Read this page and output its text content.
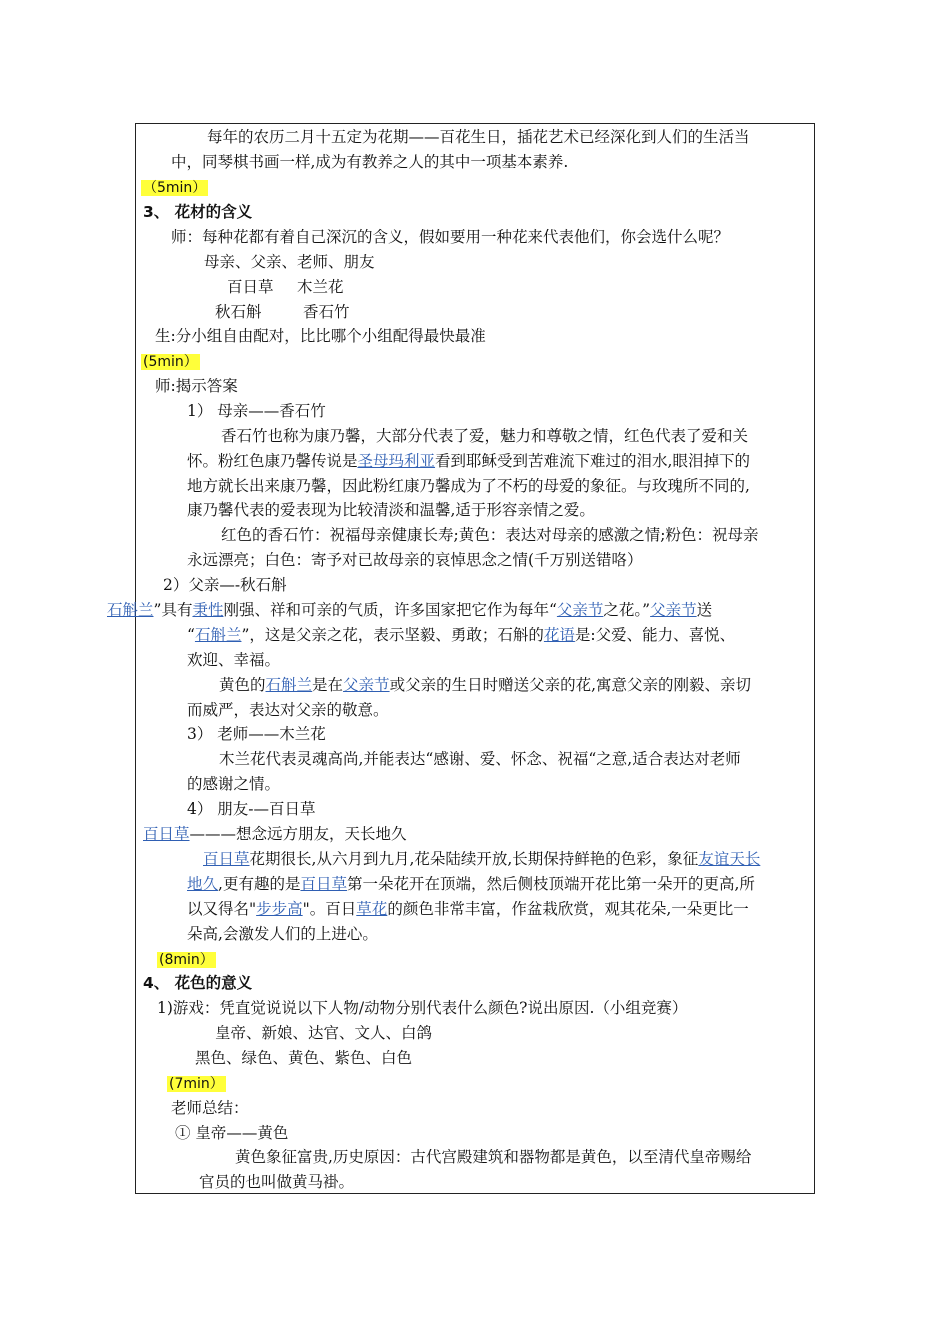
每年的农历二月十五定为花期——百花生日，插花艺术已经深化到人们的生活当
中，同琴棋书画一样,成为有教养之人的其中一项基本素养.
（5min）
3、 花材的含义
师：每种花都有着自己深沉的含义，假如要用一种花来代表他们，你会选什么呢？
母亲、父亲、老师、朋友
百日草 木兰花
秋石斛	香石竹
生:分小组自由配对，比比哪个小组配得最快最准
(5min）
师:揭示答案
1） 母亲——香石竹
香石竹也称为康乃馨，大部分代表了爱，魅力和尊敬之情，红色代表了爱和关
怀。粉红色康乃馨传说是圣母玛利亚看到耶稣受到苦难流下难过的泪水,眼泪掉下的
地方就长出来康乃馨，因此粉红康乃馨成为了不朽的母爱的象征。与玫瑰所不同的,
康乃馨代表的爱表现为比较清淡和温馨,适于形容亲情之爱。
红色的香石竹：祝福母亲健康长寿;黄色：表达对母亲的感激之情;粉色：祝母亲
永远漂亮；白色：寄予对已故母亲的哀悼思念之情(千万别送错咯）
2）父亲—-秋石斛
石斛兰”具有秉性刚强、祥和可亲的气质，许多国家把它作为每年“父亲节之花。”父亲节送
“石斛兰”，这是父亲之花，表示坚毅、勇敢；石斛的花语是:父爱、能力、喜悦、
欢迎、幸福。
黄色的石斛兰是在父亲节或父亲的生日时赠送父亲的花,寓意父亲的刚毅、亲切
而威严，表达对父亲的敬意。
3） 老师——木兰花
木兰花代表灵魂高尚,并能表达“感谢、爱、怀念、祝福“之意,适合表达对老师
的感谢之情。
4） 朋友-—百日草
百日草———想念远方朋友，天长地久
百日草花期很长,从六月到九月,花朵陆续开放,长期保持鲜艳的色彩，象征友谊天长
地久,更有趣的是百日草第一朵花开在顶端，然后侧枝顶端开花比第一朵开的更高,所
以又得名"步步高"。百日草花的颜色非常丰富，作盆栽欣赏，观其花朵,一朵更比一
朵高,会激发人们的上进心。
(8min）
4、 花色的意义
1)游戏：凭直觉说说以下人物/动物分别代表什么颜色?说出原因.（小组竞赛）
皇帝、新娘、达官、文人、白鸽
黑色、绿色、黄色、紫色、白色
(7min）
老师总结：
① 皇帝——黄色
黄色象征富贵,历史原因：古代宫殿建筑和器物都是黄色，以至清代皇帝赐给
官员的也叫做黄马褂。
